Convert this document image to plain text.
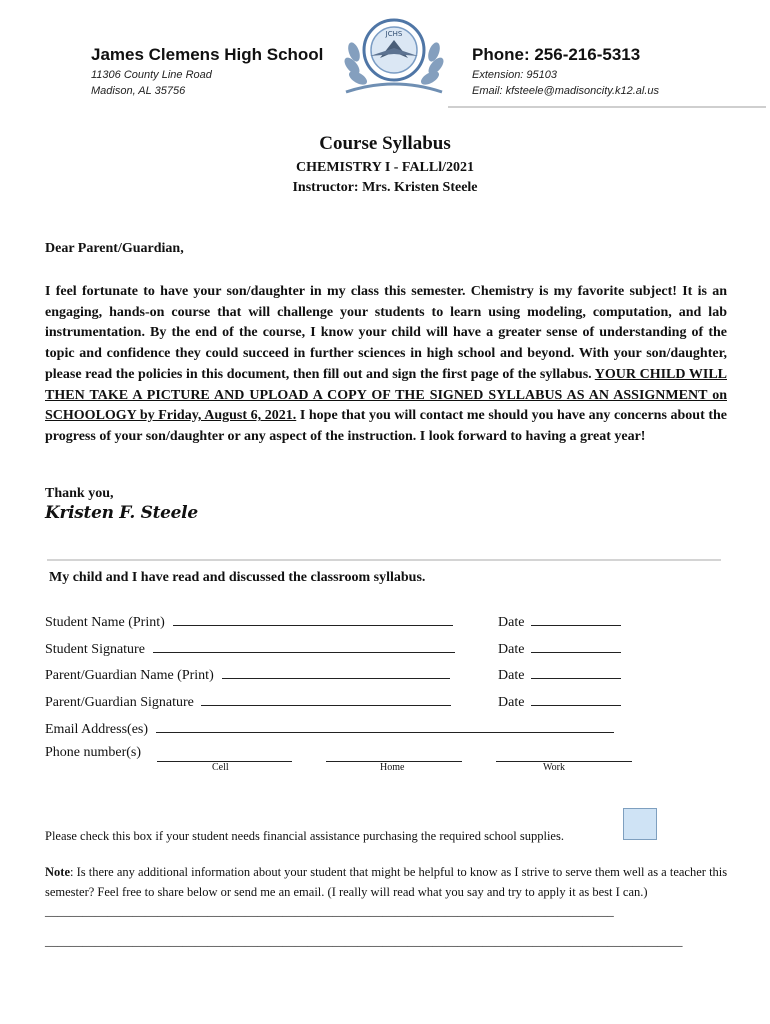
James Clemens High School
11306 County Line Road
Madison, AL 35756
JCHS
Phone: 256-216-5313
Extension: 95103
Email: kfsteele@madisoncity.k12.al.us
Course Syllabus
CHEMISTRY I - FALLl/2021
Instructor: Mrs. Kristen Steele
Dear Parent/Guardian,
I feel fortunate to have your son/daughter in my class this semester. Chemistry is my favorite subject! It is an engaging, hands-on course that will challenge your students to learn using modeling, computation, and lab instrumentation. By the end of the course, I know your child will have a greater sense of understanding of the topic and confidence they could succeed in further sciences in high school and beyond. With your son/daughter, please read the policies in this document, then fill out and sign the first page of the syllabus. YOUR CHILD WILL THEN TAKE A PICTURE AND UPLOAD A COPY OF THE SIGNED SYLLABUS AS AN ASSIGNMENT on SCHOOLOGY by Friday, August 6, 2021. I hope that you will contact me should you have any concerns about the progress of your son/daughter or any aspect of the instruction. I look forward to having a great year!
Thank you,
Kristen F. Steele
My child and I have read and discussed the classroom syllabus.
Student Name (Print)	Date
Student Signature	Date
Parent/Guardian Name (Print)	Date
Parent/Guardian Signature	Date
Email Address(es)
Phone number(s)
Cell	Home	Work
Please check this box if your student needs financial assistance purchasing the required school supplies.
Note: Is there any additional information about your student that might be helpful to know as I strive to serve them well as a teacher this semester? Feel free to share below or send me an email. (I really will read what you say and try to apply it as best I can.) ___________________________________________________________________________________________
______________________________________________________________________________________________________
